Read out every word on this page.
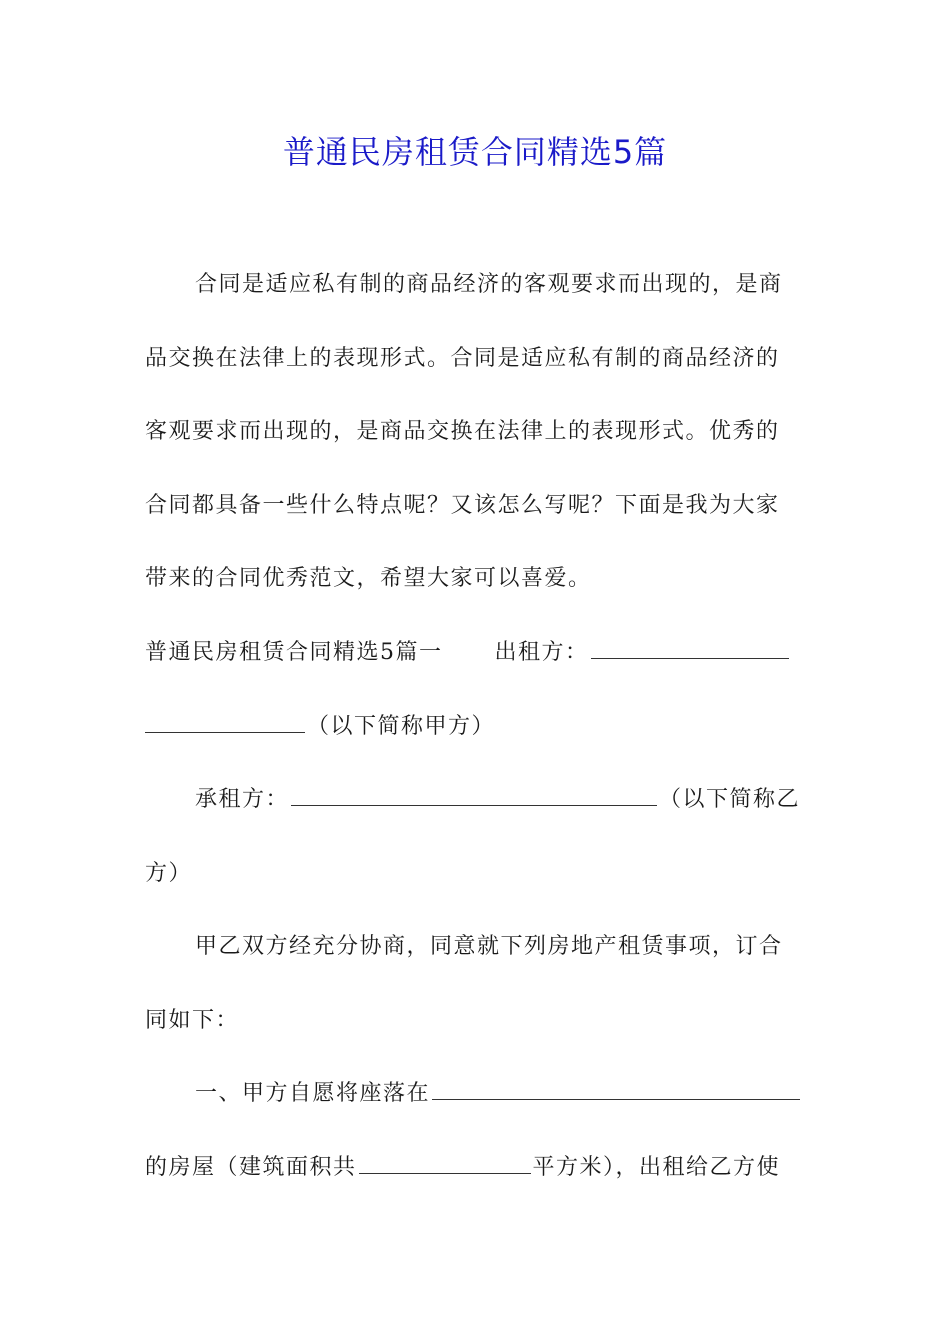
普通民房租赁合同精选5篇
合同是适应私有制的商品经济的客观要求而出现的，是商
品交换在法律上的表现形式。合同是适应私有制的商品经济的
客观要求而出现的，是商品交换在法律上的表现形式。优秀的
合同都具备一些什么特点呢？又该怎么写呢？下面是我为大家
带来的合同优秀范文，希望大家可以喜爱。
普通民房租赁合同精选5篇一 出租方：
（以下简称甲方）
承租方：	（以下简称乙
方）
甲乙双方经充分协商，同意就下列房地产租赁事项，订合
同如下：
一、甲方自愿将座落在
的房屋（建筑面积共	平方米），出租给乙方使
